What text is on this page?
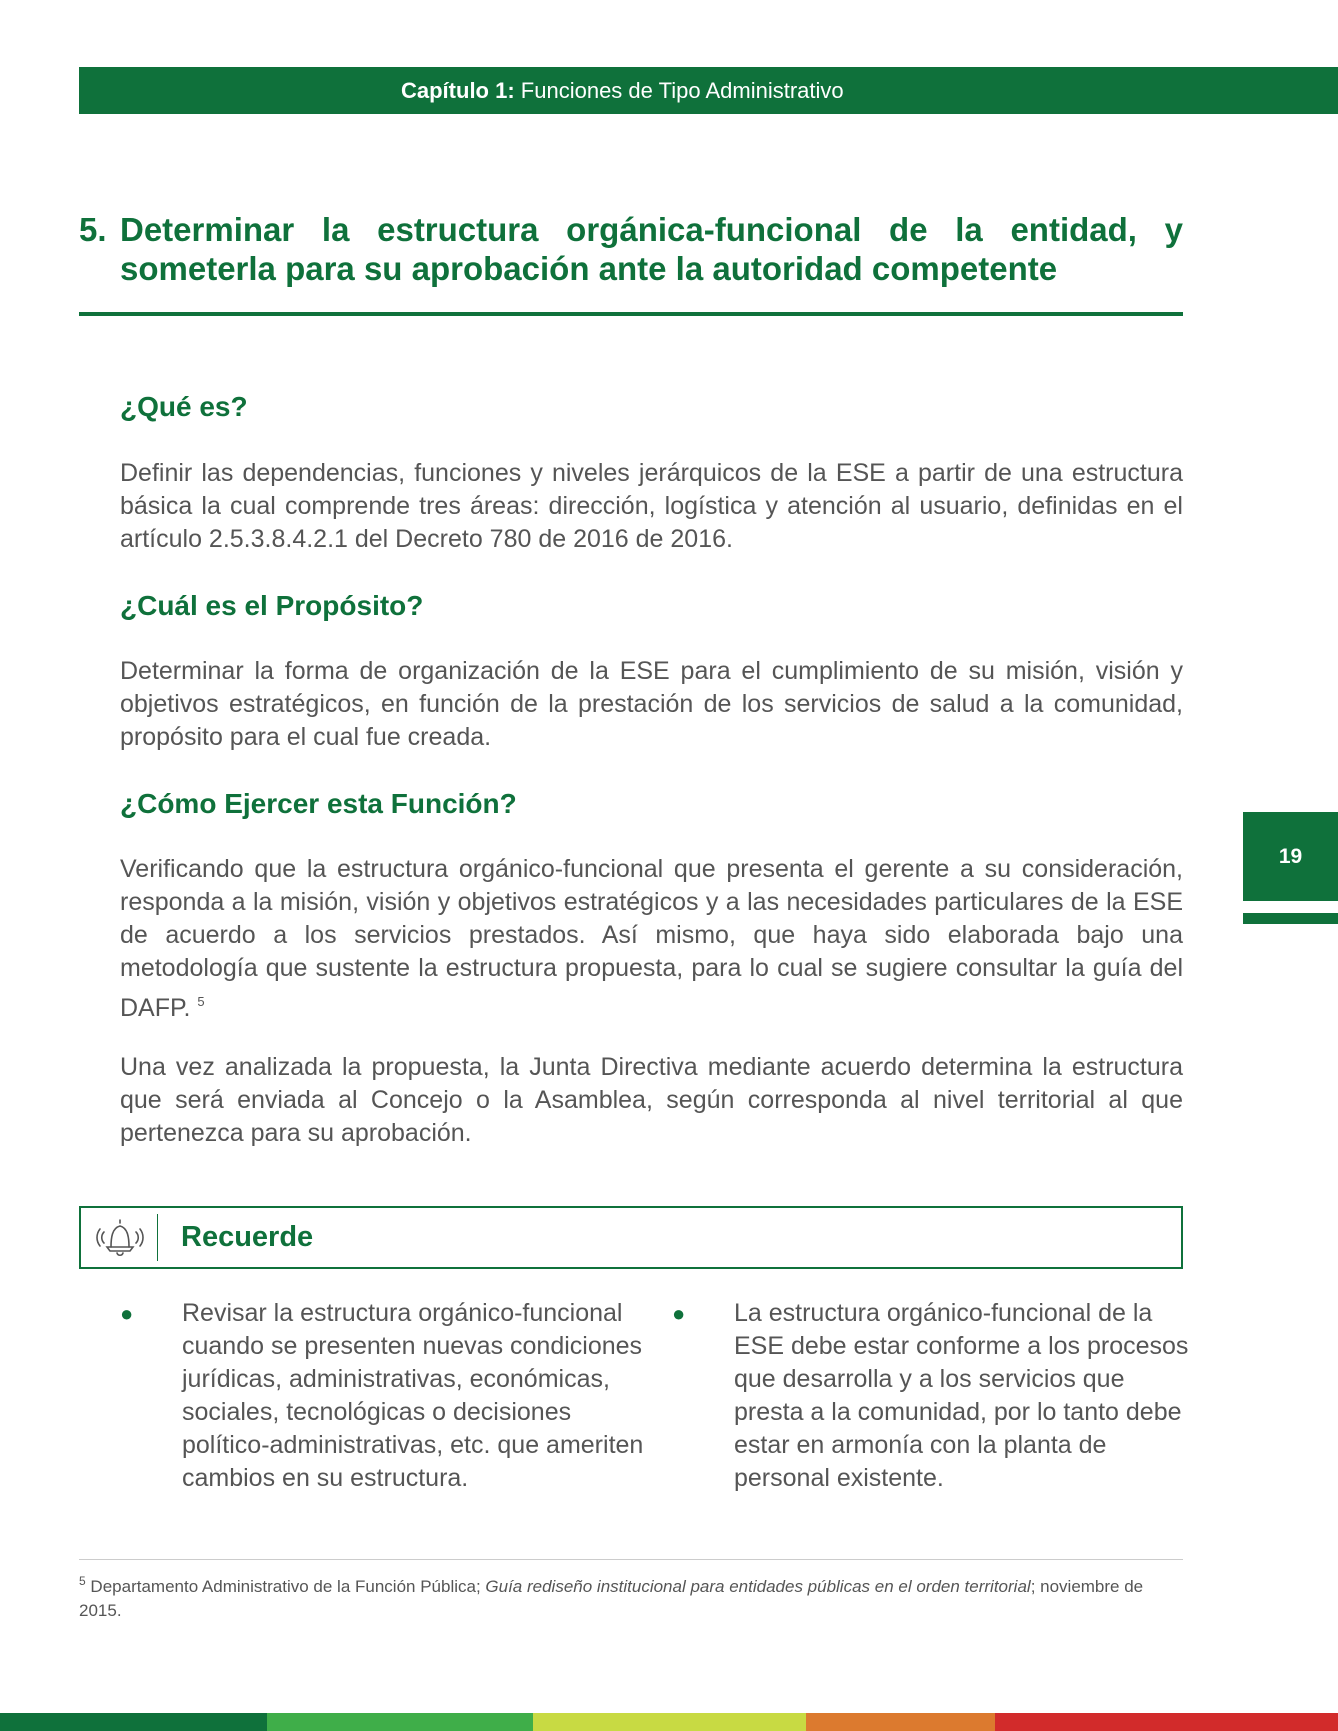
Capítulo 1: Funciones de Tipo Administrativo
5. Determinar la estructura orgánica-funcional de la entidad, y someterla para su aprobación ante la autoridad competente
¿Qué es?
Definir las dependencias, funciones y niveles jerárquicos de la ESE a partir de una estructura básica la cual comprende tres áreas: dirección, logística y atención al usuario, definidas en el artículo 2.5.3.8.4.2.1 del Decreto 780 de 2016 de 2016.
¿Cuál es el Propósito?
Determinar la forma de organización de la ESE para el cumplimiento de su misión, visión y objetivos estratégicos, en función de la prestación de los servicios de salud a la comunidad, propósito para el cual fue creada.
¿Cómo Ejercer esta Función?
Verificando que la estructura orgánico-funcional que presenta el gerente a su consideración, responda a la misión, visión y objetivos estratégicos y a las necesidades particulares de la ESE de acuerdo a los servicios prestados. Así mismo, que haya sido elaborada bajo una metodología que sustente la estructura propuesta, para lo cual se sugiere consultar la guía del DAFP. $^5$
Una vez analizada la propuesta, la Junta Directiva mediante acuerdo determina la estructura que será enviada al Concejo o la Asamblea, según corresponda al nivel territorial al que pertenezca para su aprobación.
19
Recuerde
● Revisar la estructura orgánico-funcional cuando se presenten nuevas condiciones jurídicas, administrativas, económicas, sociales, tecnológicas o decisiones político-administrativas, etc. que ameriten cambios en su estructura.
● La estructura orgánico-funcional de la ESE debe estar conforme a los procesos que desarrolla y a los servicios que presta a la comunidad, por lo tanto debe estar en armonía con la planta de personal existente.
$^5$ Departamento Administrativo de la Función Pública; Guía rediseño institucional para entidades públicas en el orden territorial; noviembre de 2015.
